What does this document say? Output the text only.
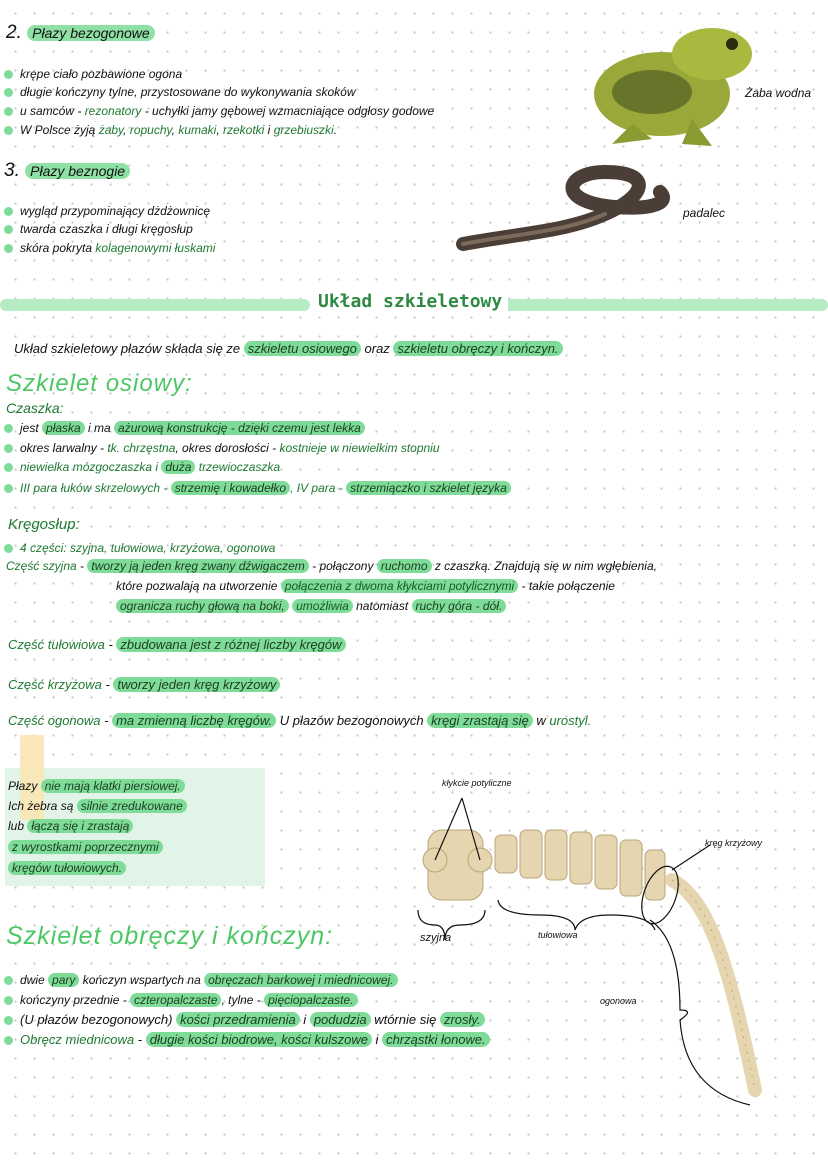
2. Płazy bezogonowe
krępe ciało pozbawione ogona
długie kończyny tylne, przystosowane do wykonywania skoków
u samców - rezonatory - uchyłki jamy gębowej wzmacniające odgłosy godowe
W Polsce żyją żaby, ropuchy, kumaki, rzekotki i grzebiuszki.
Żaba wodna
3. Płazy beznogie
wygląd przypominający dżdżownicę
twarda czaszka i długi kręgosłup
skóra pokryta kolagenowymi łuskami
padalec
Układ szkieletowy
Układ szkieletowy płazów składa się ze szkieletu osiowego oraz szkieletu obręczy i kończyn.
Szkielet osiowy:
Czaszka:
jest płaska i ma ażurową konstrukcję - dzięki czemu jest lekka
okres larwalny - tk. chrzęstna, okres dorosłości - kostnieje w niewielkim stopniu
niewielka mózgoczaszka i duża trzewioczaszka
III para łuków skrzelowych - strzemię i kowadełko , IV para - strzemiączko i szkielet języka
Kręgosłup:
4 części: szyjna, tułowiowa, krzyżowa, ogonowa
Część szyjna - tworzy ją jeden kręg zwany dźwigaczem - połączony ruchomo z czaszką. Znajdują się w nim wgłębienia,
które pozwalają na utworzenie połączenia z dwoma kłykciami potylicznymi - takie połączenie
ogranicza ruchy głową na boki, umożliwia natomiast ruchy góra - dół.
Część tułowiowa - zbudowana jest z różnej liczby kręgów
Część krzyżowa - tworzy jeden kręg krzyżowy
Część ogonowa - ma zmienną liczbę kręgów. U płazów bezogonowych kręgi zrastają się w urostyl.
Płazy nie mają klatki piersiowej.
Ich żebra są silnie zredukowane
lub łączą się i zrastają
z wyrostkami poprzecznymi
kręgów tułowiowych.
kłykcie potyliczne
kręg krzyżowy
szyjna	tułowiowa
ogonowa
Szkielet obręczy i kończyn:
dwie pary kończyn wspartych na obręczach barkowej i miednicowej.
kończyny przednie - czteropalczaste , tylne - pięciopalczaste.
(U płazów bezogonowych) kości przedramienia i podudzia wtórnie się zrosły.
Obręcz miednicowa - długie kości biodrowe, kości kulszowe i chrząstki łonowe.
